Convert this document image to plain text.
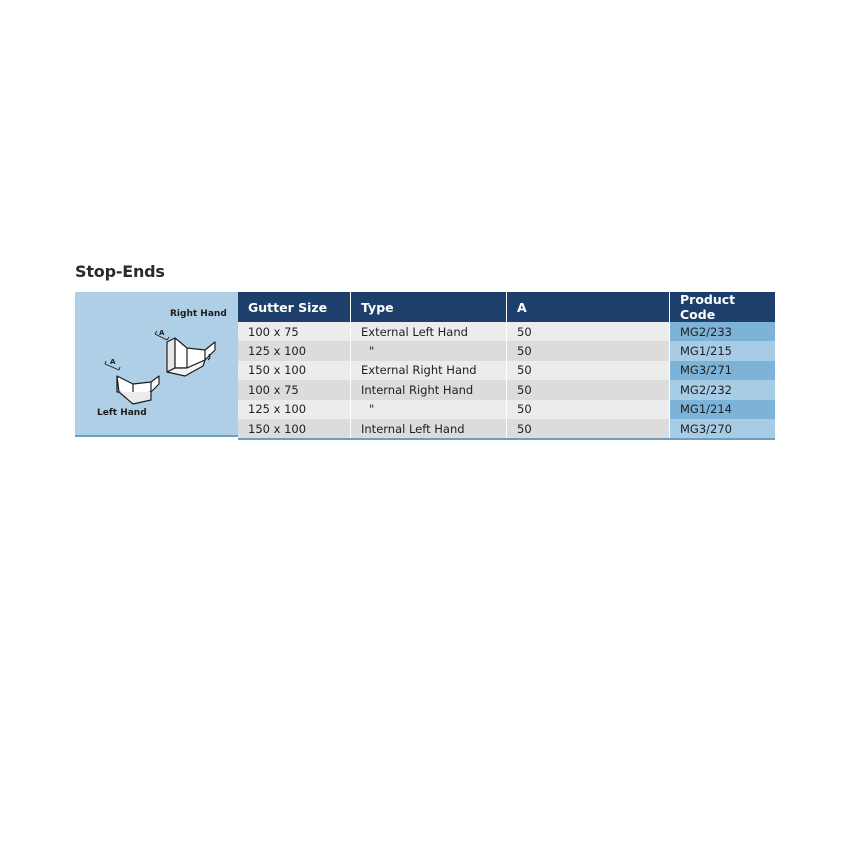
Stop-Ends
A
A
Right Hand
Left Hand
Gutter Size	Type	A	Product Code
100 x 75	External Left Hand	50	MG2/233
125 x 100	"	50	MG1/215
150 x 100	External Right Hand	50	MG3/271
100 x 75	Internal Right Hand	50	MG2/232
125 x 100	"	50	MG1/214
150 x 100	Internal Left Hand	50	MG3/270
